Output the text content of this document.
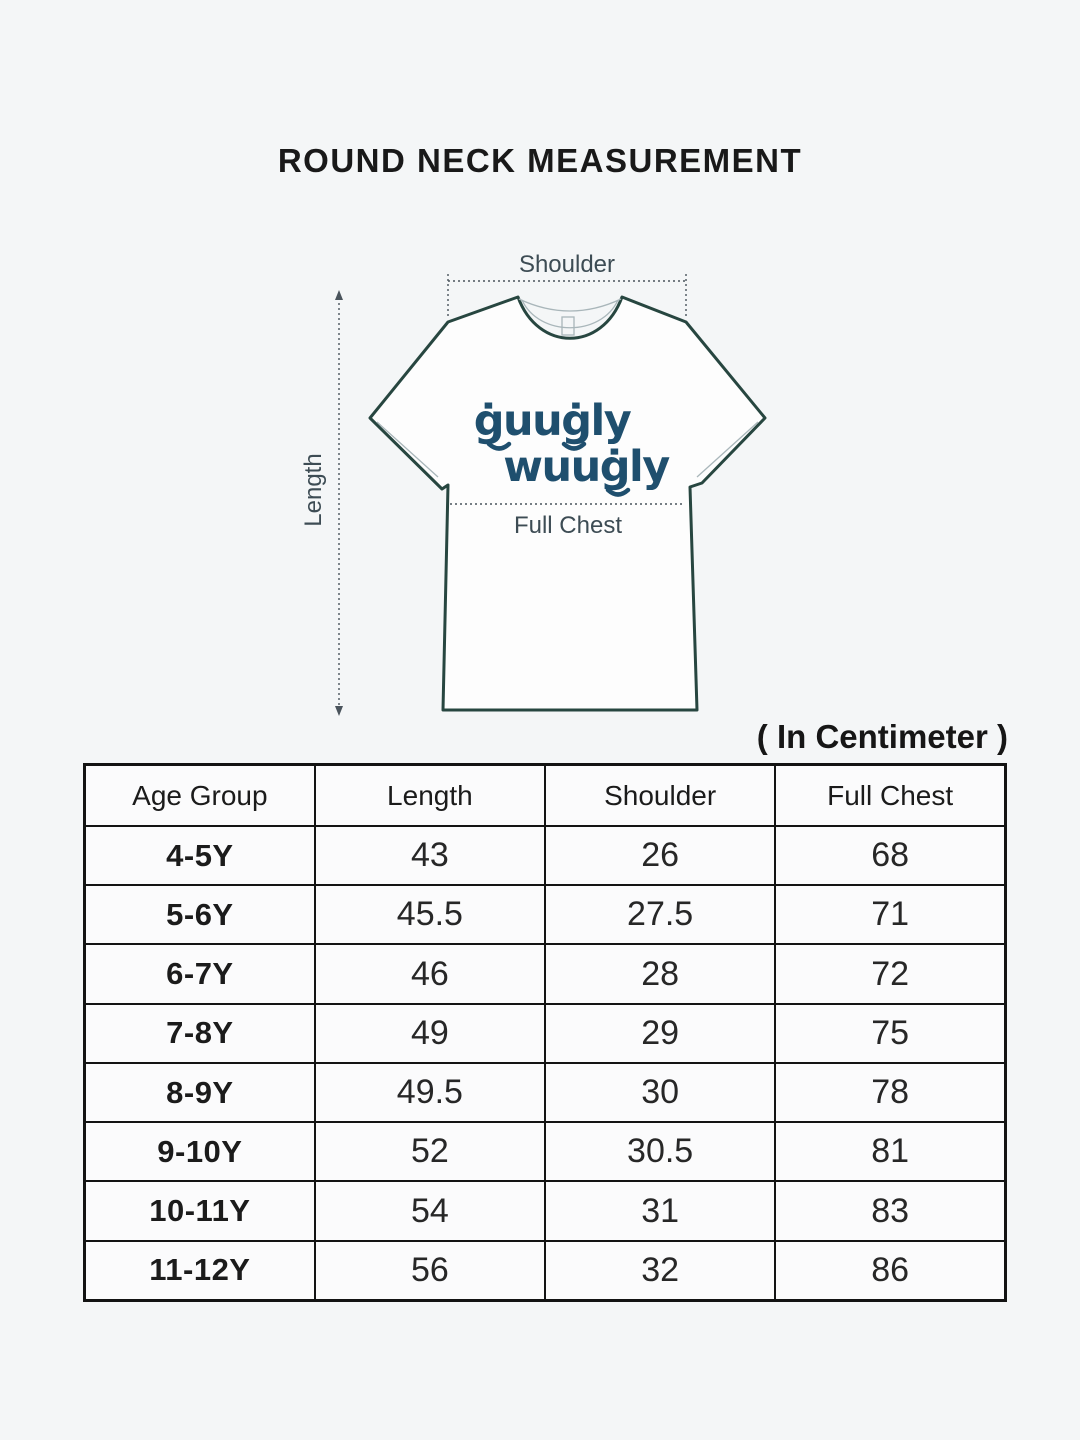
ROUND NECK MEASUREMENT
Shoulder
ġuuġly
wuuġly
Full Chest
Length
( In Centimeter )
Age Group	Length	Shoulder	Full Chest
4-5Y	43	26	68
5-6Y	45.5	27.5	71
6-7Y	46	28	72
7-8Y	49	29	75
8-9Y	49.5	30	78
9-10Y	52	30.5	81
10-11Y	54	31	83
11-12Y	56	32	86
